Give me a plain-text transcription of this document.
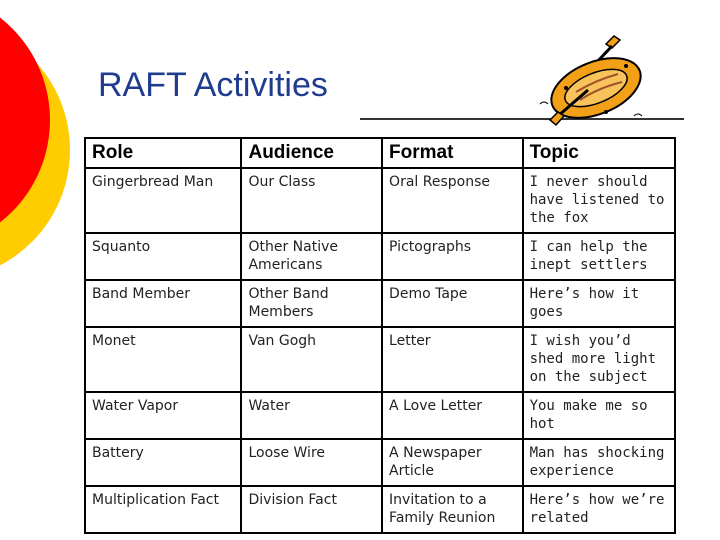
RAFT Activities
Role	Audience	Format	Topic
Gingerbread Man	Our Class	Oral Response	I never should have listened to the fox
Squanto	Other Native Americans	Pictographs	I can help the inept settlers
Band Member	Other Band Members	Demo Tape	Here’s how it goes
Monet	Van Gogh	Letter	I wish you’d shed more light on the subject
Water Vapor	Water	A Love Letter	You make me so hot
Battery	Loose Wire	A Newspaper Article	Man has shocking experience
Multiplication Fact	Division Fact	Invitation to a Family Reunion	Here’s how we’re related
